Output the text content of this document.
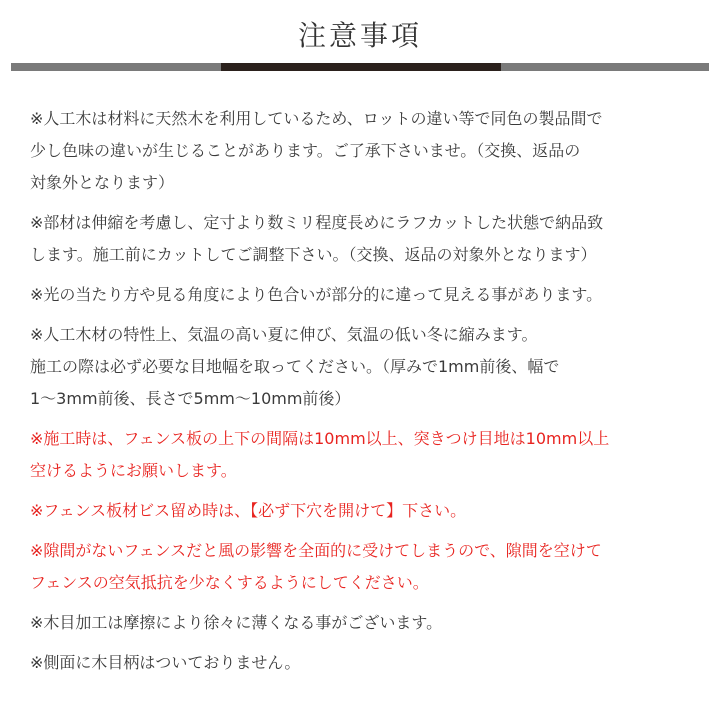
注意事項
※人工木は材料に天然木を利用しているため、ロットの違い等で同色の製品間で
少し色味の違いが生じることがあります。ご了承下さいませ。（交換、返品の
対象外となります）
※部材は伸縮を考慮し、定寸より数ミリ程度長めにラフカットした状態で納品致
します。施工前にカットしてご調整下さい。（交換、返品の対象外となります）
※光の当たり方や見る角度により色合いが部分的に違って見える事があります。
※人工木材の特性上、気温の高い夏に伸び、気温の低い冬に縮みます。
施工の際は必ず必要な目地幅を取ってください。（厚みで1mm前後、幅で
1～3mm前後、長さで5mm～10mm前後）
※施工時は、フェンス板の上下の間隔は10mm以上、突きつけ目地は10mm以上
空けるようにお願いします。
※フェンス板材ビス留め時は、【必ず下穴を開けて】下さい。
※隙間がないフェンスだと風の影響を全面的に受けてしまうので、隙間を空けて
フェンスの空気抵抗を少なくするようにしてください。
※木目加工は摩擦により徐々に薄くなる事がございます。
※側面に木目柄はついておりません。
